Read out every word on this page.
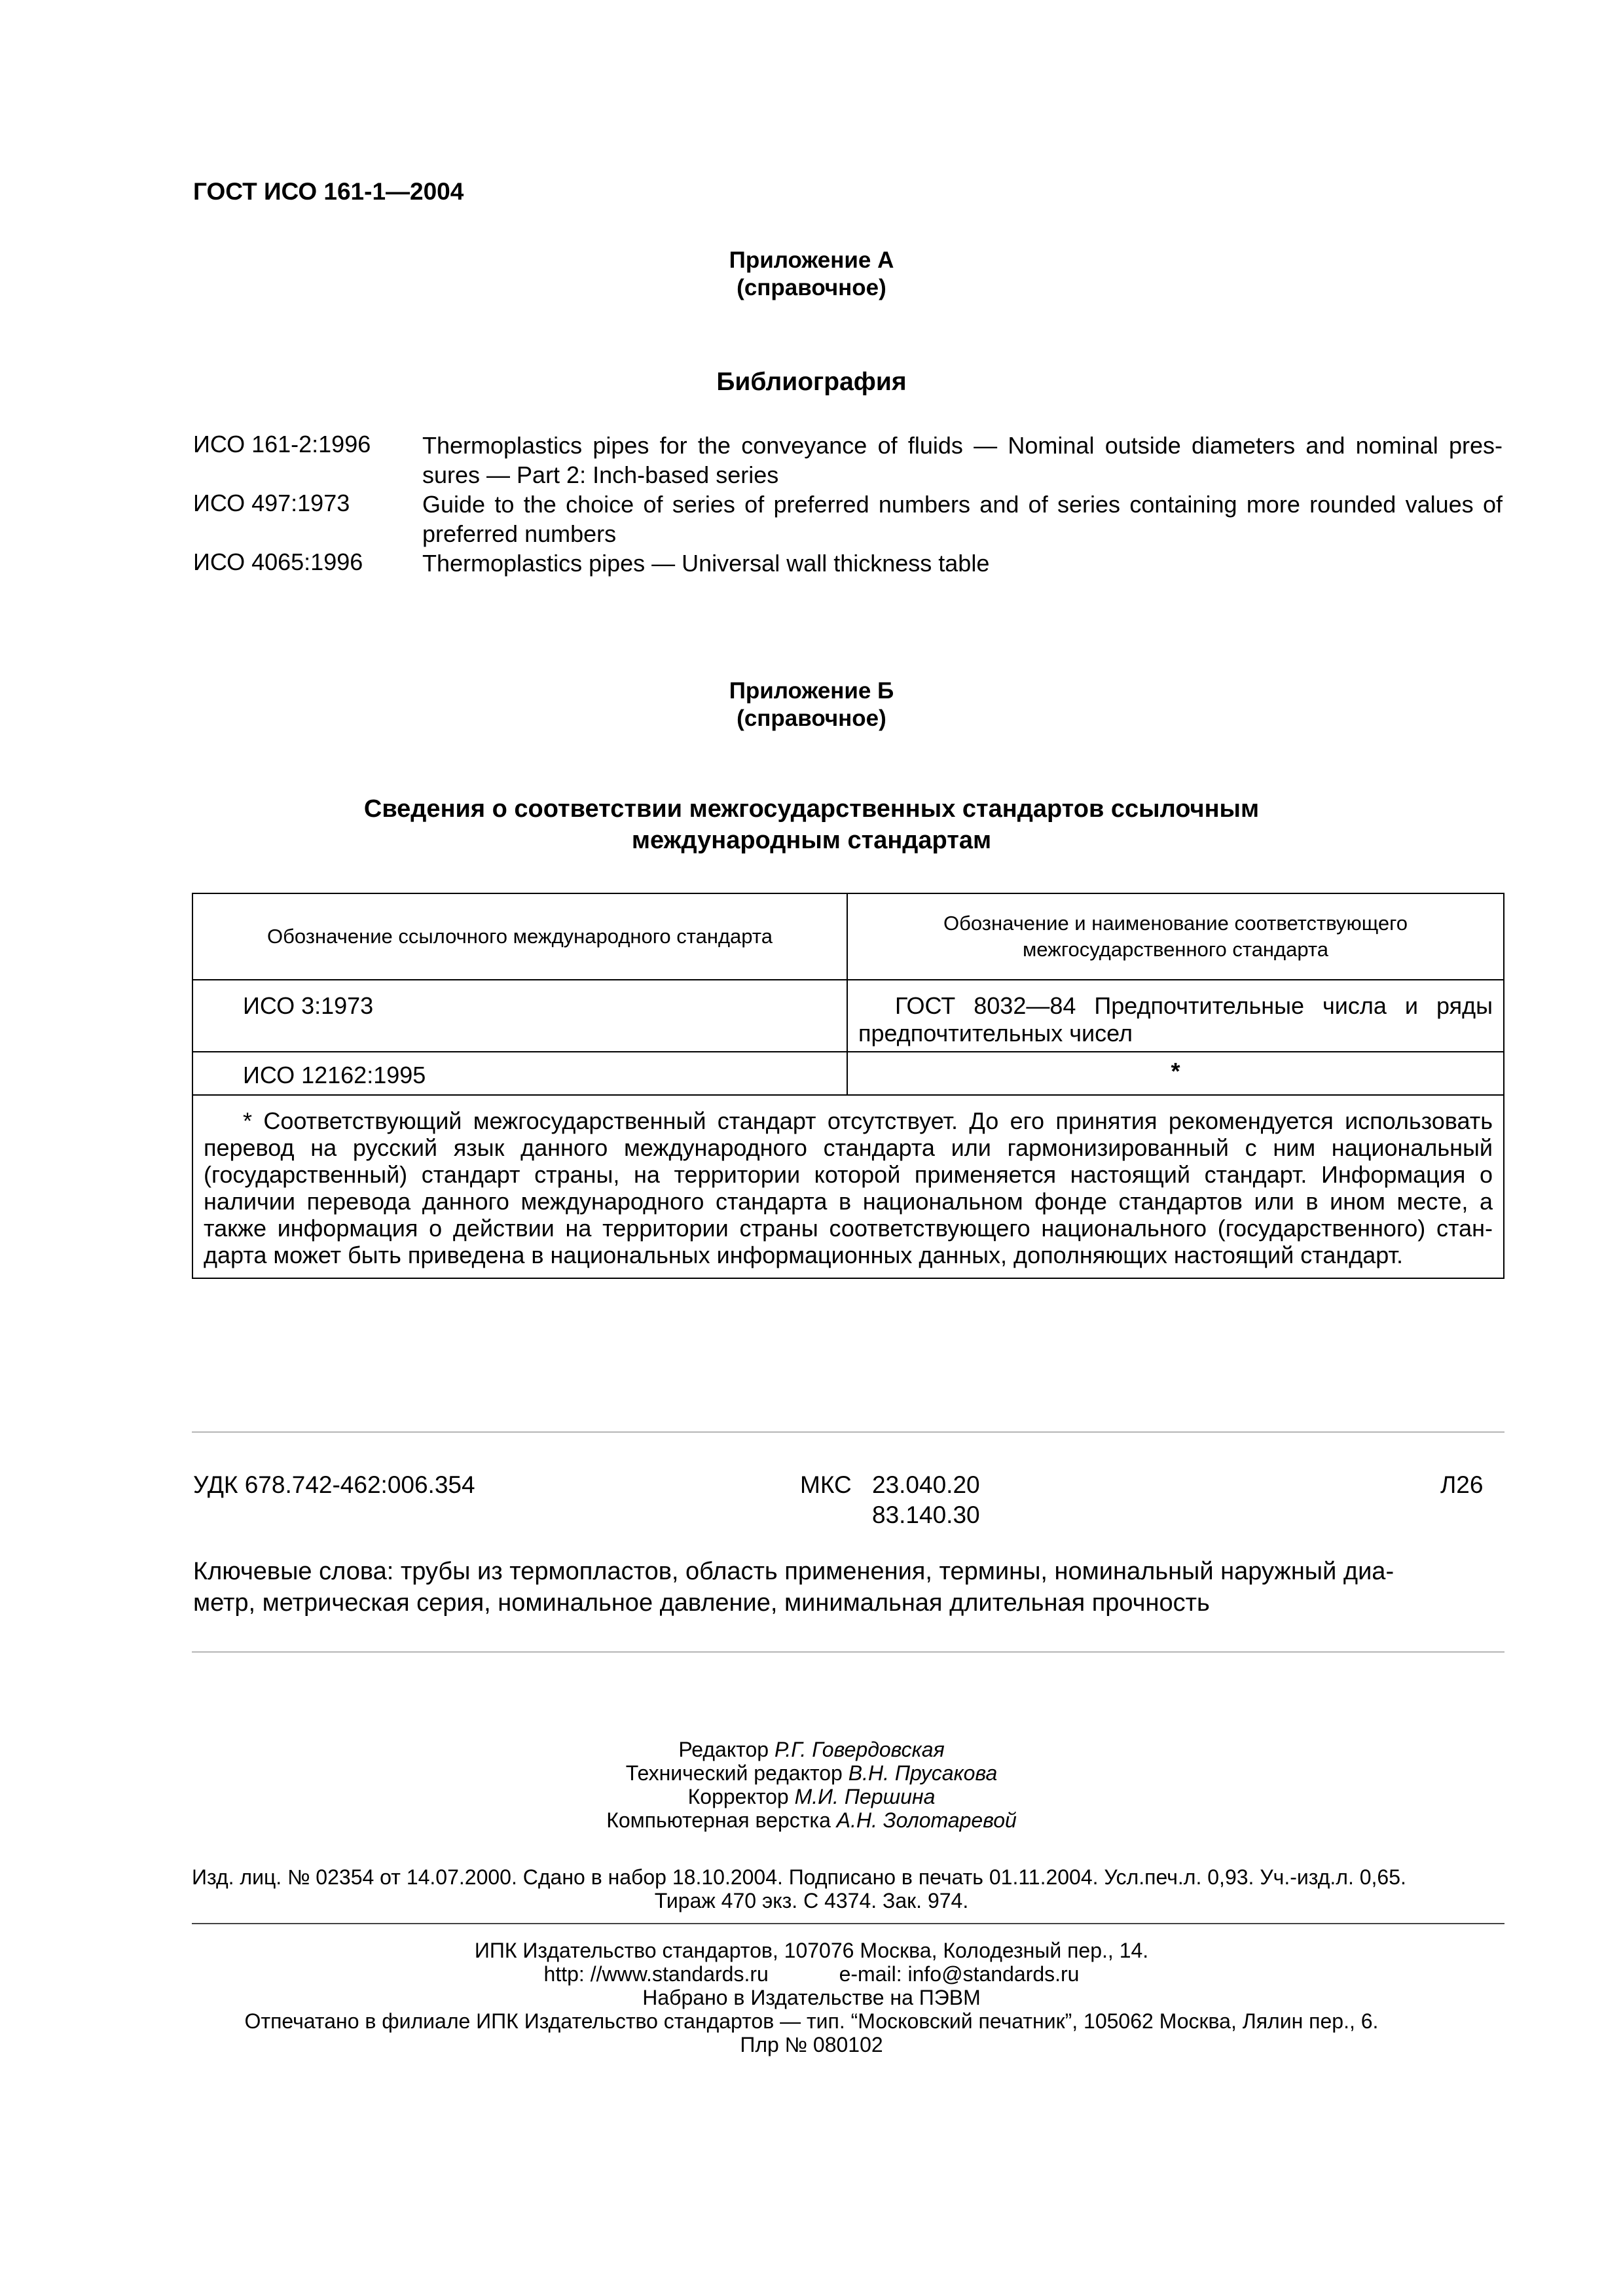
ГОСТ ИСО 161-1—2004
Приложение А
(справочное)
Библиография
ИСО 161-2:1996	Thermoplastics pipes for the conveyance of fluids — Nominal outside diameters and nominal pres-sures — Part 2: Inch-based series
ИСО 497:1973	Guide to the choice of series of preferred numbers and of series containing more rounded values of preferred numbers
ИСО 4065:1996	Thermoplastics pipes — Universal wall thickness table
Приложение Б
(справочное)
Сведения о соответствии межгосударственных стандартов ссылочным
международным стандартам
Обозначение ссылочного международного стандарта	Обозначение и наименование соответствующего
межгосударственного стандарта

ИСО 3:1973	ГОСТ 8032—84 Предпочтительные числа и ряды предпочтительных чисел
ИСО 12162:1995	*

* Соответствующий межгосударственный стандарт отсутствует. До его принятия рекомендуется использовать перевод на русский язык данного международного стандарта или гармонизированный с ним национальный (государственный) стандарт страны, на территории которой применяется настоящий стандарт. Информация о наличии перевода данного международного стандарта в национальном фонде стандартов или в ином месте, а также информация о действии на территории страны соответствующего национального (государственного) стан-дарта может быть приведена в национальных информационных данных, дополняющих настоящий стандарт.	
УДК 678.742-462:006.354	МКС 23.040.20
83.140.30
Л26
Ключевые слова: трубы из термопластов, область применения, термины, номинальный наружный диа-
метр, метрическая серия, номинальное давление, минимальная длительная прочность
Редактор Р.Г. Говердовская
Технический редактор В.Н. Прусакова
Корректор М.И. Першина
Компьютерная верстка А.Н. Золотаревой
Изд. лиц. № 02354 от 14.07.2000. Сдано в набор 18.10.2004. Подписано в печать 01.11.2004. Усл.печ.л. 0,93. Уч.-изд.л. 0,65.
Тираж 470 экз. С 4374. Зак. 974.
ИПК Издательство стандартов, 107076 Москва, Колодезный пер., 14.
http: //www.standards.ru	e-mail: info@standards.ru
Набрано в Издательстве на ПЭВМ
Отпечатано в филиале ИПК Издательство стандартов — тип. “Московский печатник”, 105062 Москва, Лялин пер., 6.
Плр № 080102
